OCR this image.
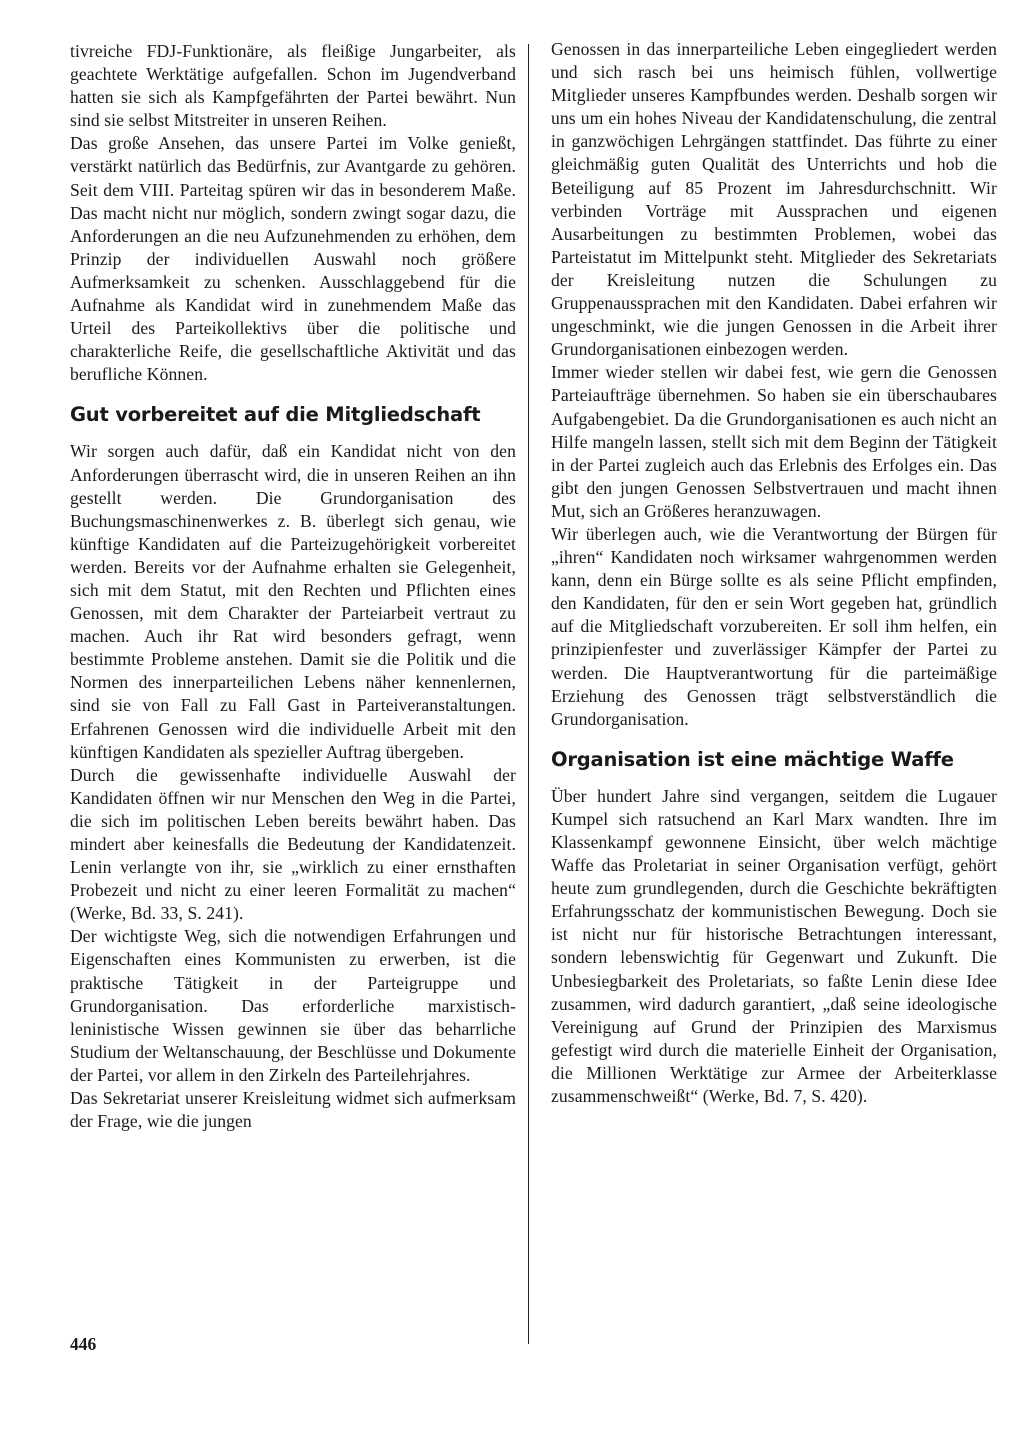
tivreiche FDJ-Funktionäre, als fleißige Jungarbeiter, als geachtete Werktätige aufgefallen. Schon im Jugendverband hatten sie sich als Kampfgefährten der Partei bewährt. Nun sind sie selbst Mitstreiter in unseren Reihen.

Das große Ansehen, das unsere Partei im Volke genießt, verstärkt natürlich das Bedürfnis, zur Avantgarde zu gehören. Seit dem VIII. Parteitag spüren wir das in besonderem Maße. Das macht nicht nur möglich, sondern zwingt sogar dazu, die Anforderungen an die neu Aufzunehmenden zu erhöhen, dem Prinzip der individuellen Auswahl noch größere Aufmerksamkeit zu schenken. Ausschlaggebend für die Aufnahme als Kandidat wird in zunehmendem Maße das Urteil des Parteikollektivs über die politische und charakterliche Reife, die gesellschaftliche Aktivität und das berufliche Können.

Gut vorbereitet auf die Mitgliedschaft

Wir sorgen auch dafür, daß ein Kandidat nicht von den Anforderungen überrascht wird, die in unseren Reihen an ihn gestellt werden. Die Grundorganisation des Buchungsmaschinenwerkes z. B. überlegt sich genau, wie künftige Kandidaten auf die Parteizugehörigkeit vorbereitet werden. Bereits vor der Aufnahme erhalten sie Gelegenheit, sich mit dem Statut, mit den Rechten und Pflichten eines Genossen, mit dem Charakter der Parteiarbeit vertraut zu machen. Auch ihr Rat wird besonders gefragt, wenn bestimmte Probleme anstehen. Damit sie die Politik und die Normen des innerparteilichen Lebens näher kennenlernen, sind sie von Fall zu Fall Gast in Parteiveranstaltungen. Erfahrenen Genossen wird die individuelle Arbeit mit den künftigen Kandidaten als spezieller Auftrag übergeben.

Durch die gewissenhafte individuelle Auswahl der Kandidaten öffnen wir nur Menschen den Weg in die Partei, die sich im politischen Leben bereits bewährt haben. Das mindert aber keinesfalls die Bedeutung der Kandidatenzeit. Lenin verlangte von ihr, sie „wirklich zu einer ernsthaften Probezeit und nicht zu einer leeren Formalität zu machen“ (Werke, Bd. 33, S. 241).

Der wichtigste Weg, sich die notwendigen Erfahrungen und Eigenschaften eines Kommunisten zu erwerben, ist die praktische Tätigkeit in der Parteigruppe und Grundorganisation. Das erforderliche marxistisch-leninistische Wissen gewinnen sie über das beharrliche Studium der Weltanschauung, der Beschlüsse und Dokumente der Partei, vor allem in den Zirkeln des Parteilehrjahres.

Das Sekretariat unserer Kreisleitung widmet sich aufmerksam der Frage, wie die jungen

Genossen in das innerparteiliche Leben eingegliedert werden und sich rasch bei uns heimisch fühlen, vollwertige Mitglieder unseres Kampfbundes werden. Deshalb sorgen wir uns um ein hohes Niveau der Kandidatenschulung, die zentral in ganzwöchigen Lehrgängen stattfindet. Das führte zu einer gleichmäßig guten Qualität des Unterrichts und hob die Beteiligung auf 85 Prozent im Jahresdurchschnitt. Wir verbinden Vorträge mit Aussprachen und eigenen Ausarbeitungen zu bestimmten Problemen, wobei das Parteistatut im Mittelpunkt steht. Mitglieder des Sekretariats der Kreisleitung nutzen die Schulungen zu Gruppenaussprachen mit den Kandidaten. Dabei erfahren wir ungeschminkt, wie die jungen Genossen in die Arbeit ihrer Grundorganisationen einbezogen werden.

Immer wieder stellen wir dabei fest, wie gern die Genossen Parteiaufträge übernehmen. So haben sie ein überschaubares Aufgabengebiet. Da die Grundorganisationen es auch nicht an Hilfe mangeln lassen, stellt sich mit dem Beginn der Tätigkeit in der Partei zugleich auch das Erlebnis des Erfolges ein. Das gibt den jungen Genossen Selbstvertrauen und macht ihnen Mut, sich an Größeres heranzuwagen.

Wir überlegen auch, wie die Verantwortung der Bürgen für „ihren“ Kandidaten noch wirksamer wahrgenommen werden kann, denn ein Bürge sollte es als seine Pflicht empfinden, den Kandidaten, für den er sein Wort gegeben hat, gründlich auf die Mitgliedschaft vorzubereiten. Er soll ihm helfen, ein prinzipienfester und zuverlässiger Kämpfer der Partei zu werden. Die Hauptverantwortung für die parteimäßige Erziehung des Genossen trägt selbstverständlich die Grundorganisation.

Organisation ist eine mächtige Waffe

Über hundert Jahre sind vergangen, seitdem die Lugauer Kumpel sich ratsuchend an Karl Marx wandten. Ihre im Klassenkampf gewonnene Einsicht, über welch mächtige Waffe das Proletariat in seiner Organisation verfügt, gehört heute zum grundlegenden, durch die Geschichte bekräftigten Erfahrungsschatz der kommunistischen Bewegung. Doch sie ist nicht nur für historische Betrachtungen interessant, sondern lebenswichtig für Gegenwart und Zukunft. Die Unbesiegbarkeit des Proletariats, so faßte Lenin diese Idee zusammen, wird dadurch garantiert, „daß seine ideologische Vereinigung auf Grund der Prinzipien des Marxismus gefestigt wird durch die materielle Einheit der Organisation, die Millionen Werktätige zur Armee der Arbeiterklasse zusammenschweißt“ (Werke, Bd. 7, S. 420).

446
